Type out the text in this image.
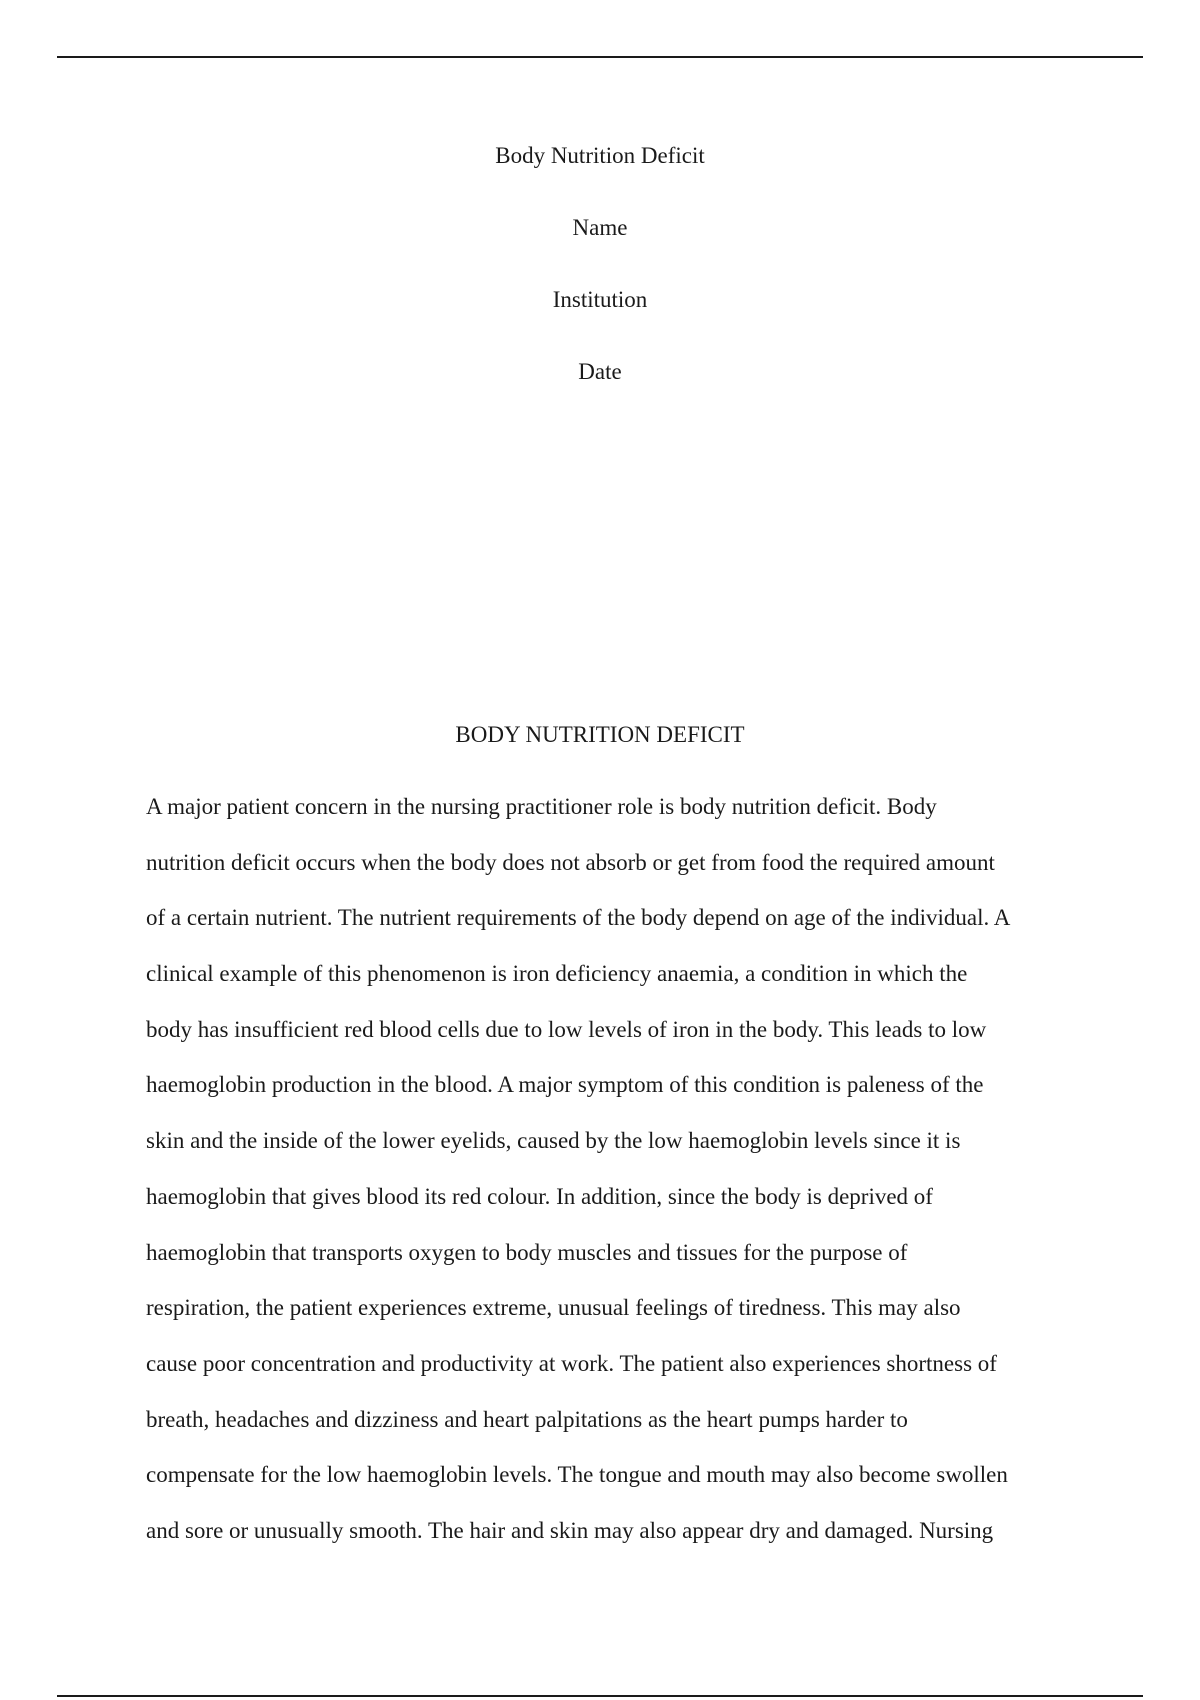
Body Nutrition Deficit
Name
Institution
Date
BODY NUTRITION DEFICIT
A major patient concern in the nursing practitioner role is body nutrition deficit. Body
nutrition deficit occurs when the body does not absorb or get from food the required amount
of a certain nutrient. The nutrient requirements of the body depend on age of the individual. A
clinical example of this phenomenon is iron deficiency anaemia, a condition in which the
body has insufficient red blood cells due to low levels of iron in the body. This leads to low
haemoglobin production in the blood. A major symptom of this condition is paleness of the
skin and the inside of the lower eyelids, caused by the low haemoglobin levels since it is
haemoglobin that gives blood its red colour. In addition, since the body is deprived of
haemoglobin that transports oxygen to body muscles and tissues for the purpose of
respiration, the patient experiences extreme, unusual feelings of tiredness. This may also
cause poor concentration and productivity at work. The patient also experiences shortness of
breath, headaches and dizziness and heart palpitations as the heart pumps harder to
compensate for the low haemoglobin levels. The tongue and mouth may also become swollen
and sore or unusually smooth. The hair and skin may also appear dry and damaged. Nursing
